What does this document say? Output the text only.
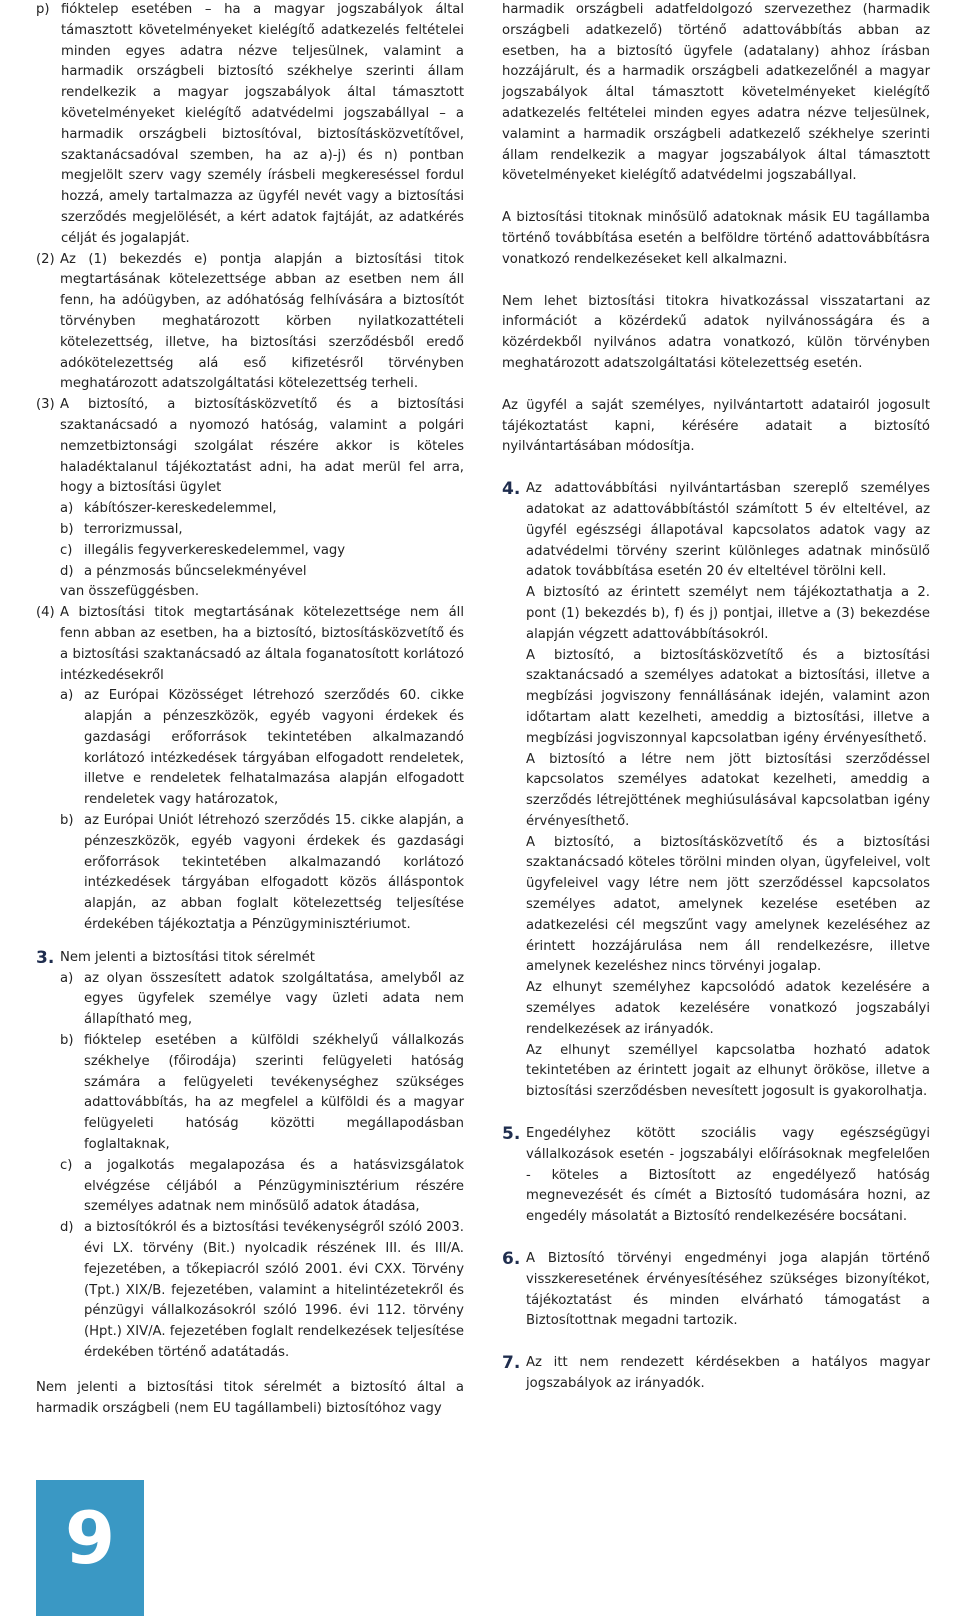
p) fióktelep esetében – ha a magyar jogszabályok által támasztott követelményeket kielégítő adatkezelés feltételei minden egyes adatra nézve teljesülnek, valamint a harmadik országbeli biztosító székhelye szerinti állam rendelkezik a magyar jogszabályok által támasztott követelményeket kielégítő adatvédelmi jogszabállyal – a harmadik országbeli biztosítóval, biztosításközvetítővel, szaktanácsadóval szemben, ha az a)-j) és n) pontban megjelölt szerv vagy személy írásbeli megkereséssel fordul hozzá, amely tartalmazza az ügyfél nevét vagy a biztosítási szerződés megjelölését, a kért adatok fajtáját, az adatkérés célját és jogalapját.
(2) Az (1) bekezdés e) pontja alapján a biztosítási titok megtartásának kötelezettsége abban az esetben nem áll fenn, ha adóügyben, az adóhatóság felhívására a biztosítót törvényben meghatározott körben nyilatkozattételi kötelezettség, illetve, ha biztosítási szerződésből eredő adókötelezettség alá eső kifizetésről törvényben meghatározott adatszolgáltatási kötelezettség terheli.
(3) A biztosító, a biztosításközvetítő és a biztosítási szaktanácsadó a nyomozó hatóság, valamint a polgári nemzetbiztonsági szolgálat részére akkor is köteles haladéktalanul tájékoztatást adni, ha adat merül fel arra, hogy a biztosítási ügylet
a) kábítószer-kereskedelemmel,
b) terrorizmussal,
c) illegális fegyverkereskedelemmel, vagy
d) a pénzmosás bűncselekményével

van összefüggésben.

(4) A biztosítási titok megtartásának kötelezettsége nem áll fenn abban az esetben, ha a biztosító, biztosításközvetítő és a biztosítási szaktanácsadó az általa foganatosított korlátozó intézkedésekről
a) az Európai Közösséget létrehozó szerződés 60. cikke alapján a pénzeszközök, egyéb vagyoni érdekek és gazdasági erőforrások tekintetében alkalmazandó korlátozó intézkedések tárgyában elfogadott rendeletek, illetve e rendeletek felhatalmazása alapján elfogadott rendeletek vagy határozatok,
b) az Európai Uniót létrehozó szerződés 15. cikke alapján, a pénzeszközök, egyéb vagyoni érdekek és gazdasági erőforrások tekintetében alkalmazandó korlátozó intézkedések tárgyában elfogadott közös álláspontok alapján, az abban foglalt kötelezettség teljesítése érdekében tájékoztatja a Pénzügyminisztériumot.
3. Nem jelenti a biztosítási titok sérelmét
a) az olyan összesített adatok szolgáltatása, amelyből az egyes ügyfelek személye vagy üzleti adata nem állapítható meg,
b) fióktelep esetében a külföldi székhelyű vállalkozás székhelye (főirodája) szerinti felügyeleti hatóság számára a felügyeleti tevékenységhez szükséges adattovábbítás, ha az megfelel a külföldi és a magyar felügyeleti hatóság közötti megállapodásban foglaltaknak,
c) a jogalkotás megalapozása és a hatásvizsgálatok elvégzése céljából a Pénzügyminisztérium részére személyes adatnak nem minősülő adatok átadása,
d) a biztosítókról és a biztosítási tevékenységről szóló 2003. évi LX. törvény (Bit.) nyolcadik részének III. és III/A. fejezetében, a tőkepiacról szóló 2001. évi CXX. Törvény (Tpt.) XIX/B. fejezetében, valamint a hitelintézetekről és pénzügyi vállalkozásokról szóló 1996. évi 112. törvény (Hpt.) XIV/A. fejezetében foglalt rendelkezések teljesítése érdekében történő adatátadás.

Nem jelenti a biztosítási titok sérelmét a biztosító által a harmadik országbeli (nem EU tagállambeli) biztosítóhoz vagy

harmadik országbeli adatfeldolgozó szervezethez (harmadik országbeli adatkezelő) történő adattovábbítás abban az esetben, ha a biztosító ügyfele (adatalany) ahhoz írásban hozzájárult, és a harmadik országbeli adatkezelőnél a magyar jogszabályok által támasztott követelményeket kielégítő adatkezelés feltételei minden egyes adatra nézve teljesülnek, valamint a harmadik országbeli adatkezelő székhelye szerinti állam rendelkezik a magyar jogszabályok által támasztott követelményeket kielégítő adatvédelmi jogszabállyal.

A biztosítási titoknak minősülő adatoknak másik EU tagállamba történő továbbítása esetén a belföldre történő adattovábbításra vonatkozó rendelkezéseket kell alkalmazni.

Nem lehet biztosítási titokra hivatkozással visszatartani az információt a közérdekű adatok nyilvánosságára és a közérdekből nyilvános adatra vonatkozó, külön törvényben meghatározott adatszolgáltatási kötelezettség esetén.

Az ügyfél a saját személyes, nyilvántartott adatairól jogosult tájékoztatást kapni, kérésére adatait a biztosító nyilvántartásában módosítja.

4. Az adattovábbítási nyilvántartásban szereplő személyes adatokat az adattovábbítástól számított 5 év elteltével, az ügyfél egészségi állapotával kapcsolatos adatok vagy az adatvédelmi törvény szerint különleges adatnak minősülő adatok továbbítása esetén 20 év elteltével törölni kell.

A biztosító az érintett személyt nem tájékoztathatja a 2. pont (1) bekezdés b), f) és j) pontjai, illetve a (3) bekezdése alapján végzett adattovábbításokról.

A biztosító, a biztosításközvetítő és a biztosítási szaktanácsadó a személyes adatokat a biztosítási, illetve a megbízási jogviszony fennállásának idején, valamint azon időtartam alatt kezelheti, ameddig a biztosítási, illetve a megbízási jogviszonnyal kapcsolatban igény érvényesíthető.

A biztosító a létre nem jött biztosítási szerződéssel kapcsolatos személyes adatokat kezelheti, ameddig a szerződés létrejöttének meghiúsulásával kapcsolatban igény érvényesíthető.

A biztosító, a biztosításközvetítő és a biztosítási szaktanácsadó köteles törölni minden olyan, ügyfeleivel, volt ügyfeleivel vagy létre nem jött szerződéssel kapcsolatos személyes adatot, amelynek kezelése esetében az adatkezelési cél megszűnt vagy amelynek kezeléséhez az érintett hozzájárulása nem áll rendelkezésre, illetve amelynek kezeléshez nincs törvényi jogalap.

Az elhunyt személyhez kapcsolódó adatok kezelésére a személyes adatok kezelésére vonatkozó jogszabályi rendelkezések az irányadók.

Az elhunyt személlyel kapcsolatba hozható adatok tekintetében az érintett jogait az elhunyt örököse, illetve a biztosítási szerződésben nevesített jogosult is gyakorolhatja.

5. Engedélyhez kötött szociális vagy egészségügyi vállalkozások esetén - jogszabályi előírásoknak megfelelően - köteles a Biztosított az engedélyező hatóság megnevezését és címét a Biztosító tudomására hozni, az engedély másolatát a Biztosító rendelkezésére bocsátani.

6. A Biztosító törvényi engedményi joga alapján történő visszkeresetének érvényesítéséhez szükséges bizonyítékot, tájékoztatást és minden elvárható támogatást a Biztosítottnak megadni tartozik.

7. Az itt nem rendezett kérdésekben a hatályos magyar jogszabályok az irányadók.

9
